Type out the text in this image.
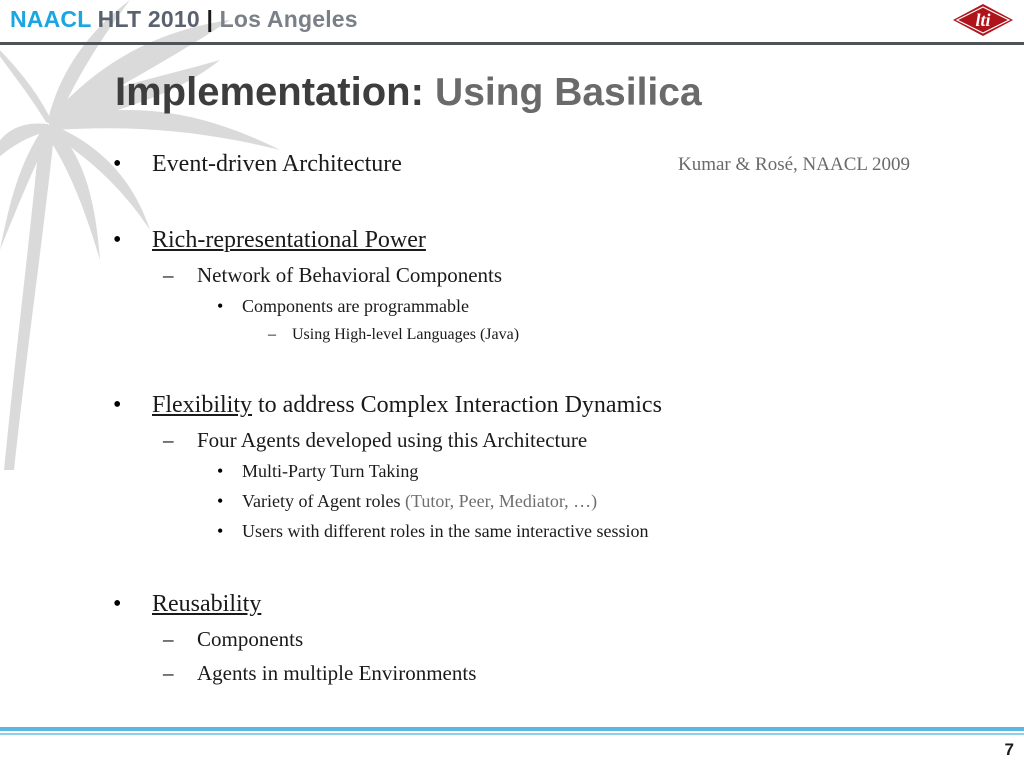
NAACL HLT 2010 | Los Angeles	lti
Implementation: Using Basilica
• Event-driven Architecture	Kumar & Rosé, NAACL 2009
• Rich-representational Power
– Network of Behavioral Components
• Components are programmable
– Using High-level Languages (Java)
• Flexibility to address Complex Interaction Dynamics
– Four Agents developed using this Architecture
• Multi-Party Turn Taking
• Variety of Agent roles (Tutor, Peer, Mediator, …)
• Users with different roles in the same interactive session
• Reusability
– Components
– Agents in multiple Environments
7
